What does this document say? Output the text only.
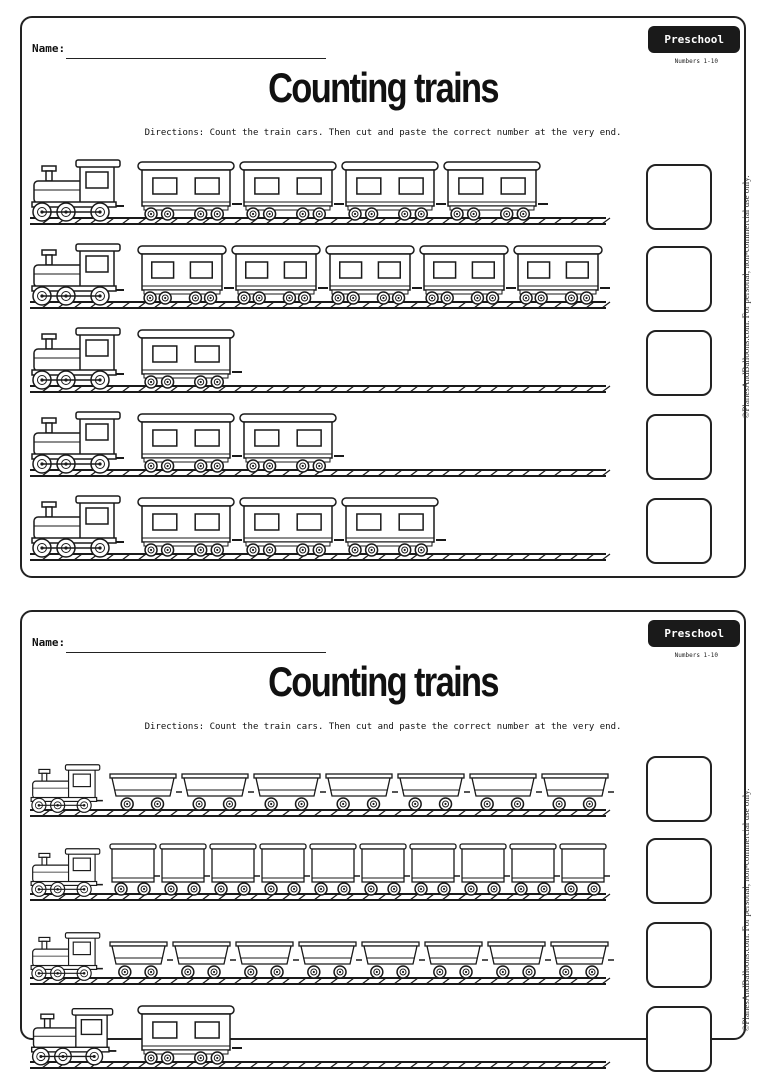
Name:
Preschool
Numbers 1-10
Counting trains
Directions: Count the train cars. Then cut and paste the correct number at the very end.
©PlanesAndBalloons.com. For personal, non-commercial use only.
Name:
Preschool
Numbers 1-10
Counting trains
Directions: Count the train cars. Then cut and paste the correct number at the very end.
©PlanesAndBalloons.com. For personal, non-commercial use only.
